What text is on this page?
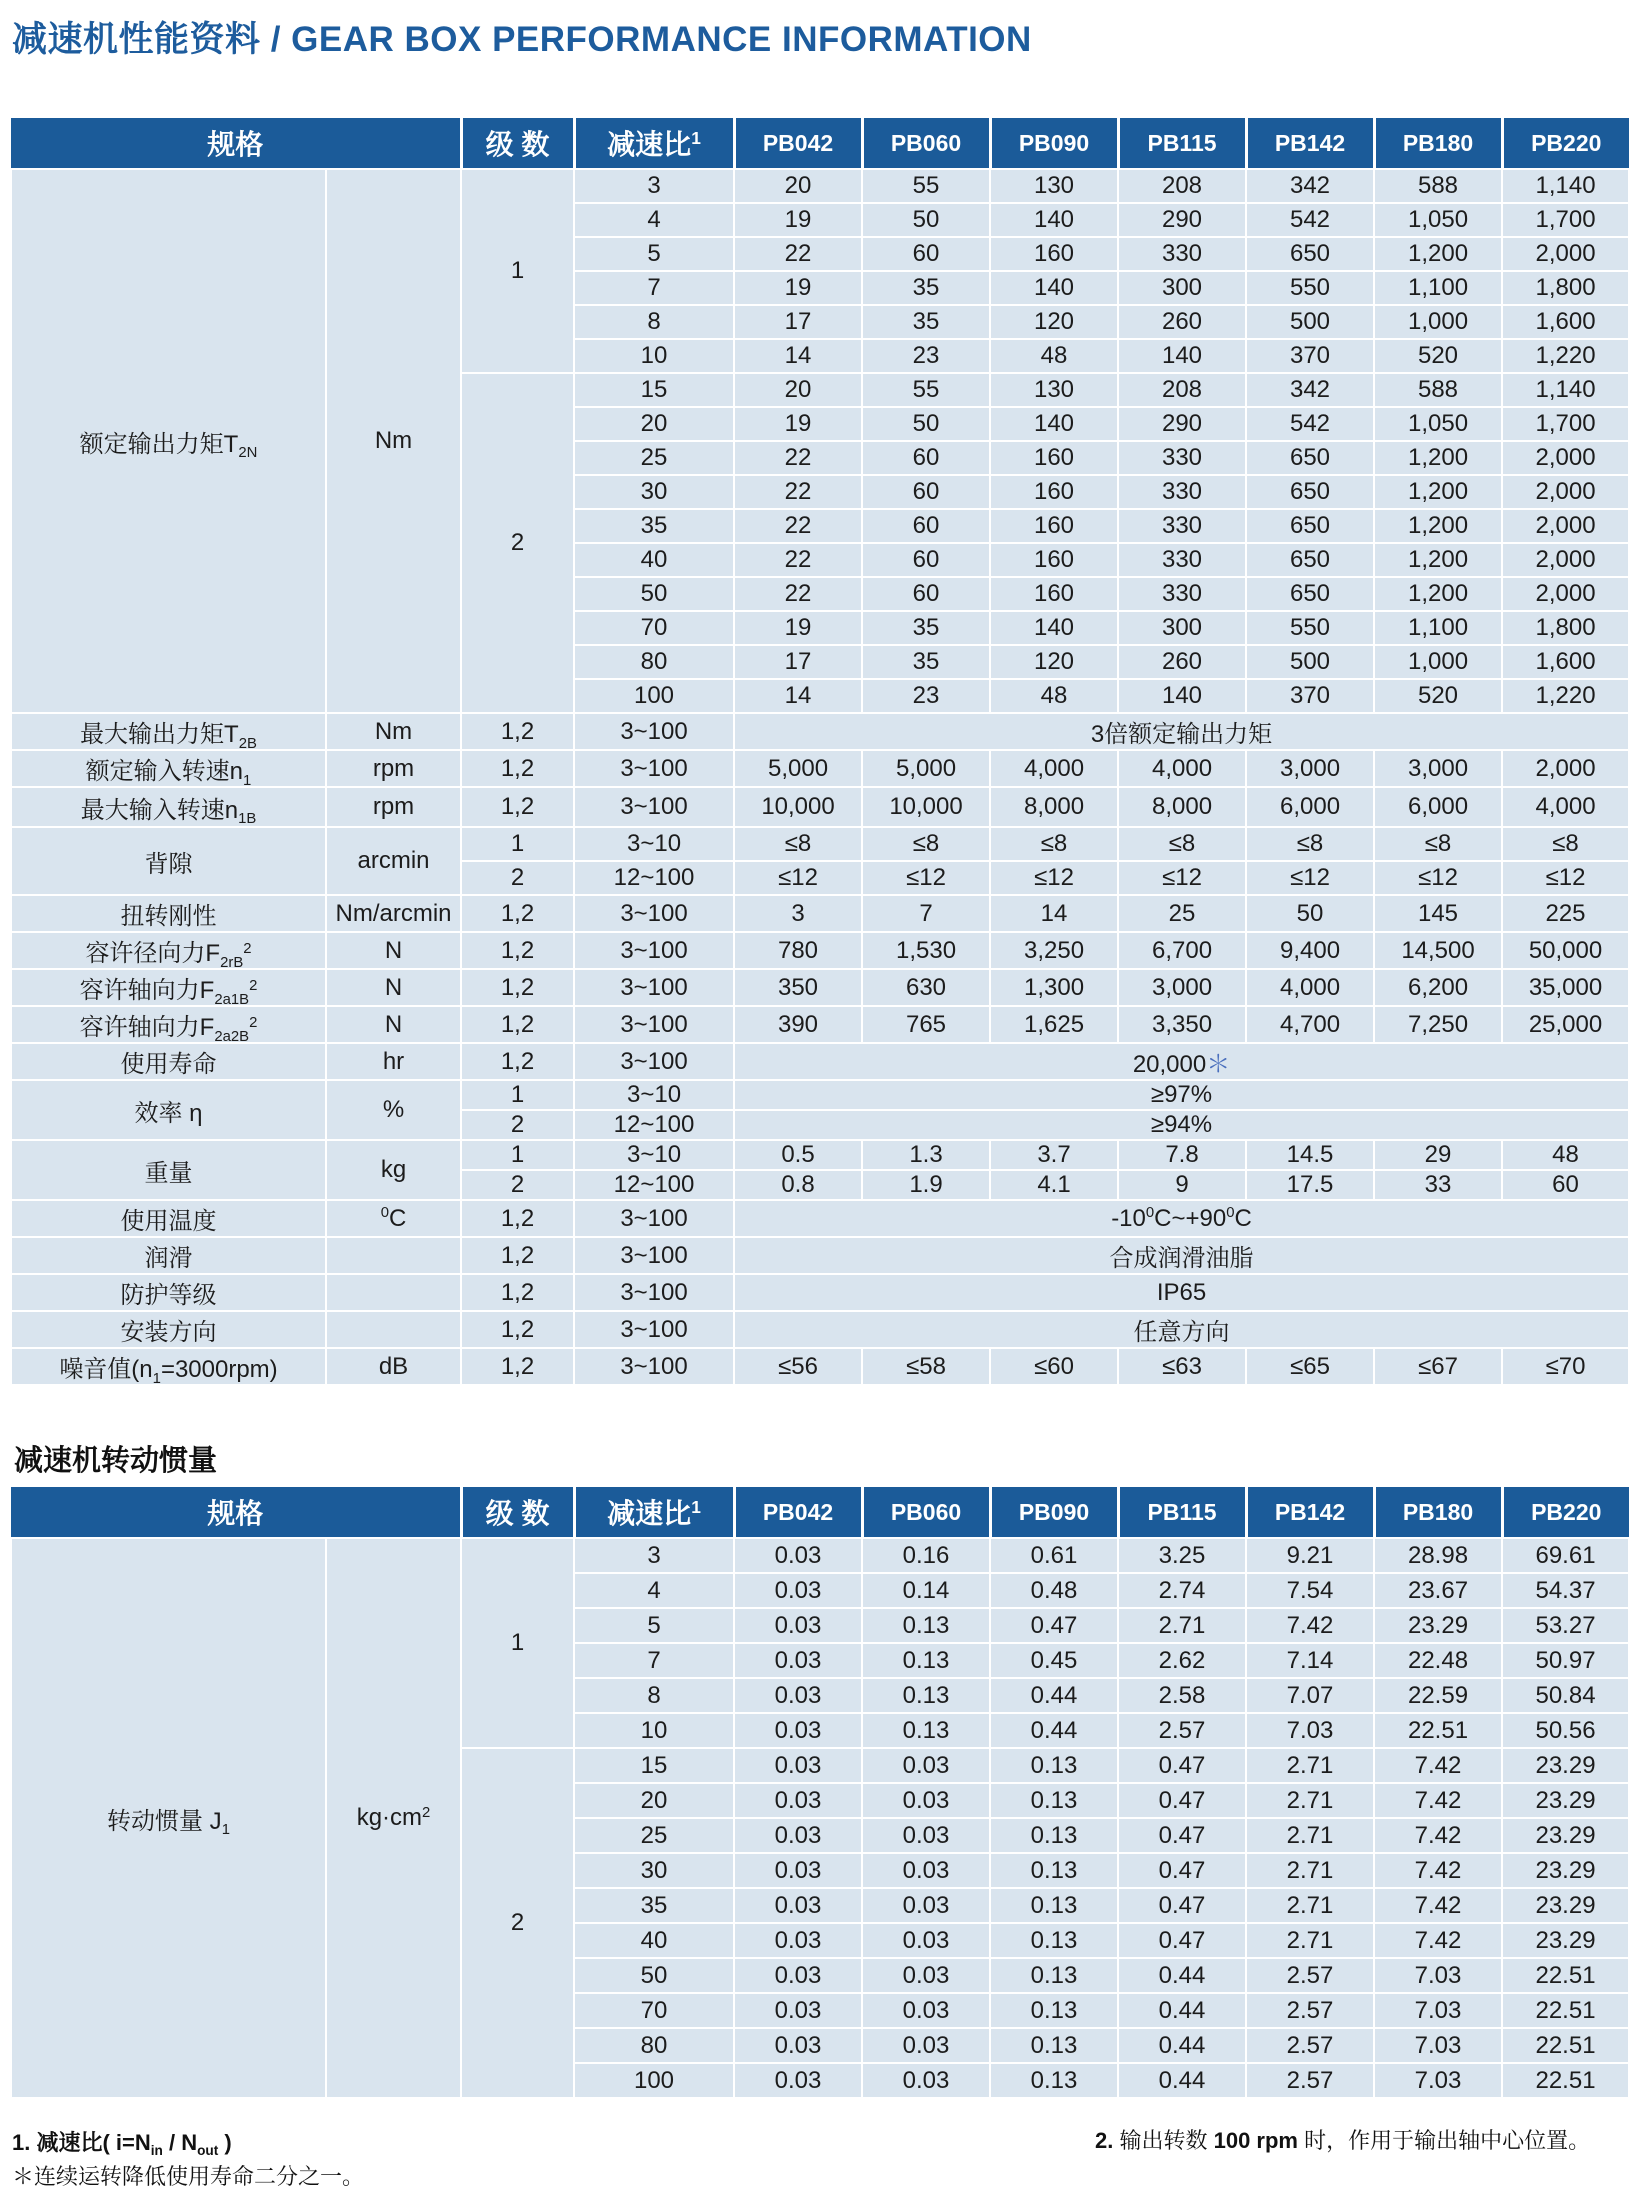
减速机性能资料 / GEAR BOX PERFORMANCE INFORMATION
规格		级 数	减速比$^1$	PB042	PB060	PB090	PB115	PB142	PB180	PB220
额定输出力矩$T_{2N}$	Nm	1	3	20	55	130	208	342	588	1,140
			4	19	50	140	290	542	1,050	1,700
			5	22	60	160	330	650	1,200	2,000
			7	19	35	140	300	550	1,100	1,800
			8	17	35	120	260	500	1,000	1,600
			10	14	23	48	140	370	520	1,220
		2	15	20	55	130	208	342	588	1,140
			20	19	50	140	290	542	1,050	1,700
			25	22	60	160	330	650	1,200	2,000
			30	22	60	160	330	650	1,200	2,000
			35	22	60	160	330	650	1,200	2,000
			40	22	60	160	330	650	1,200	2,000
			50	22	60	160	330	650	1,200	2,000
			70	19	35	140	300	550	1,100	1,800
			80	17	35	120	260	500	1,000	1,600
			100	14	23	48	140	370	520	1,220
最大输出力矩$T_{2B}$	Nm	1,2	3~100	3倍额定输出力矩						
额定输入转速$n_1$	rpm	1,2	3~100	5,000	5,000	4,000	4,000	3,000	3,000	2,000
最大输入转速$n_{1B}$	rpm	1,2	3~100	10,000	10,000	8,000	8,000	6,000	6,000	4,000
背隙	arcmin	1	3~10	≤8	≤8	≤8	≤8	≤8	≤8	≤8
		2	12~100	≤12	≤12	≤12	≤12	≤12	≤12	≤12
扭转刚性	Nm/arcmin	1,2	3~100	3	7	14	25	50	145	225
容许径向力$F_{2rB}^2$	N	1,2	3~100	780	1,530	3,250	6,700	9,400	14,500	50,000
容许轴向力$F_{2a1B}^2$	N	1,2	3~100	350	630	1,300	3,000	4,000	6,200	35,000
容许轴向力$F_{2a2B}^2$	N	1,2	3~100	390	765	1,625	3,350	4,700	7,250	25,000
使用寿命	hr	1,2	3~100	20,000＊						
效率 η	%	1	3~10	≥97%						
		2	12~100	≥94%						
重量	kg	1	3~10	0.5	1.3	3.7	7.8	14.5	29	48
		2	12~100	0.8	1.9	4.1	9	17.5	33	60
使用温度	$^0$C	1,2	3~100	$-10^0C\sim+90^0C$						
润滑		1,2	3~100	合成润滑油脂						
防护等级		1,2	3~100	IP65						
安装方向		1,2	3~100	任意方向						
噪音值$(n_1=3000rpm)$	dB	1,2	3~100	≤56	≤58	≤60	≤63	≤65	≤67	≤70
减速机转动惯量
规格		级 数	减速比$^1$	PB042	PB060	PB090	PB115	PB142	PB180	PB220
转动惯量 $J_1$	$kg\cdot cm^2$	1	3	0.03	0.16	0.61	3.25	9.21	28.98	69.61
			4	0.03	0.14	0.48	2.74	7.54	23.67	54.37
			5	0.03	0.13	0.47	2.71	7.42	23.29	53.27
			7	0.03	0.13	0.45	2.62	7.14	22.48	50.97
			8	0.03	0.13	0.44	2.58	7.07	22.59	50.84
			10	0.03	0.13	0.44	2.57	7.03	22.51	50.56
		2	15	0.03	0.03	0.13	0.47	2.71	7.42	23.29
			20	0.03	0.03	0.13	0.47	2.71	7.42	23.29
			25	0.03	0.03	0.13	0.47	2.71	7.42	23.29
			30	0.03	0.03	0.13	0.47	2.71	7.42	23.29
			35	0.03	0.03	0.13	0.47	2.71	7.42	23.29
			40	0.03	0.03	0.13	0.47	2.71	7.42	23.29
			50	0.03	0.03	0.13	0.44	2.57	7.03	22.51
			70	0.03	0.03	0.13	0.44	2.57	7.03	22.51
			80	0.03	0.03	0.13	0.44	2.57	7.03	22.51
			100	0.03	0.03	0.13	0.44	2.57	7.03	22.51
1. 减速比( $i=N_{in} / N_{out}$ )	2. 输出转数 100 rpm 时，作用于输出轴中心位置。
＊连续运转降低使用寿命二分之一。
